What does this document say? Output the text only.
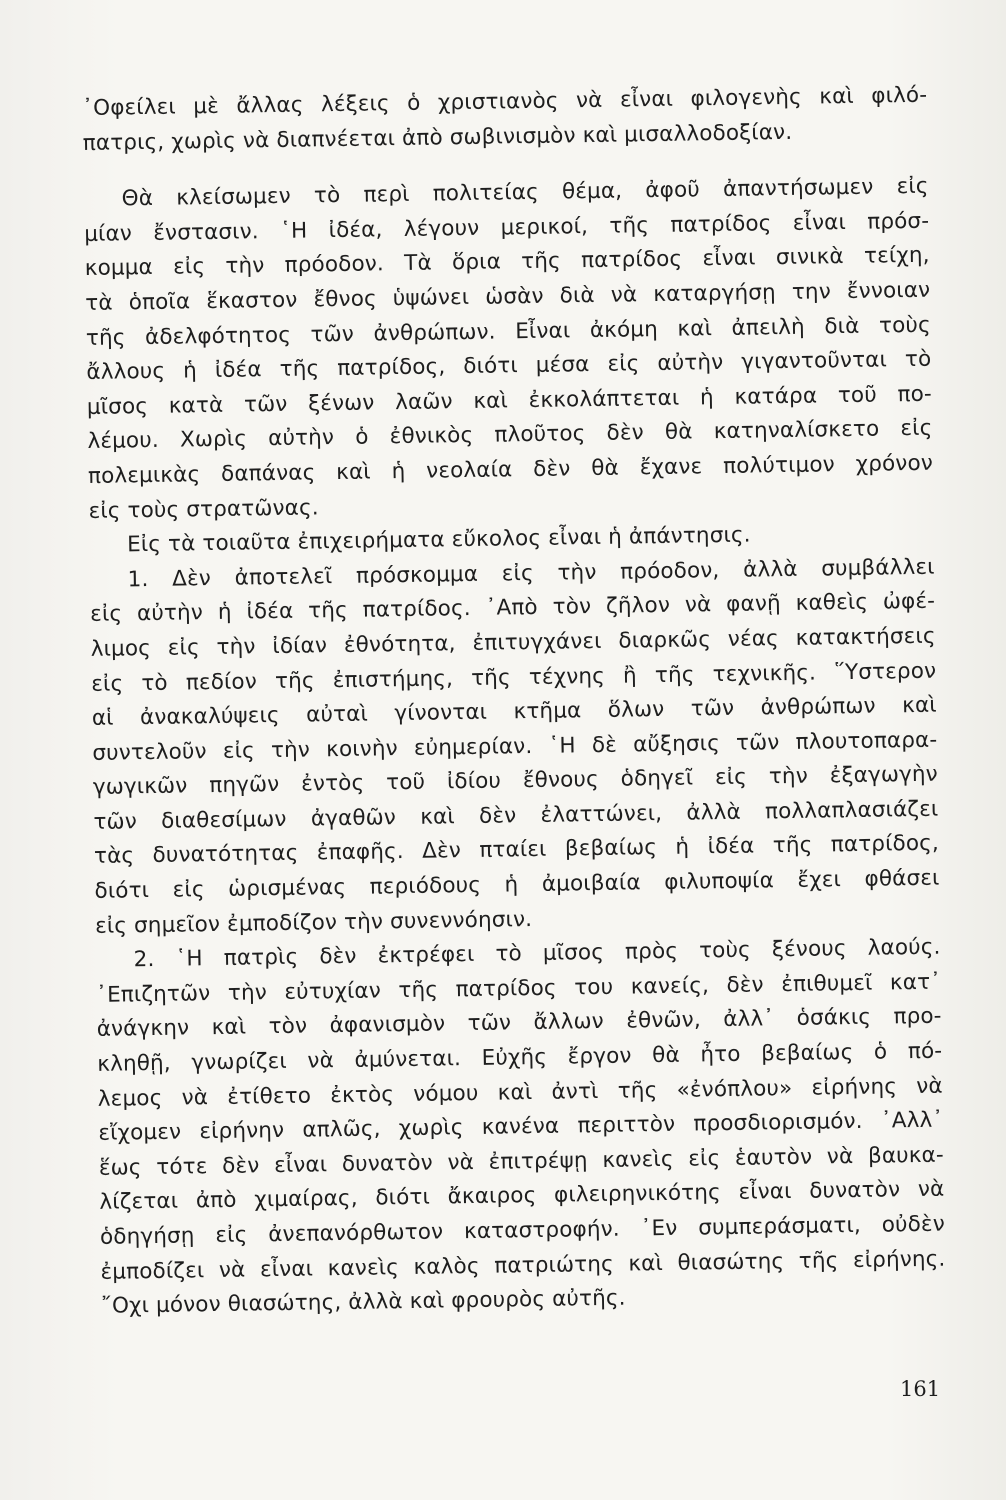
᾿Οφείλει μὲ ἄλλας λέξεις ὁ χριστιανὸς νὰ εἶναι φιλογενὴς καὶ φιλό-
πατρις, χωρὶς νὰ διαπνέεται ἀπὸ σωβινισμὸν καὶ μισαλλοδοξίαν.
Θὰ κλείσωμεν τὸ περὶ πολιτείας θέμα, ἀφοῦ ἀπαντήσωμεν εἰς
μίαν ἔνστασιν. ῾Η ἰδέα, λέγουν μερικοί, τῆς πατρίδος εἶναι πρόσ-
κομμα εἰς τὴν πρόοδον. Τὰ ὅρια τῆς πατρίδος εἶναι σινικὰ τείχη,
τὰ ὁποῖα ἕκαστον ἔθνος ὑψώνει ὡσὰν διὰ νὰ καταργήσῃ την ἔννοιαν
τῆς ἀδελφότητος τῶν ἀνθρώπων. Εἶναι ἀκόμη καὶ ἀπειλὴ διὰ τοὺς
ἄλλους ἡ ἰδέα τῆς πατρίδος, διότι μέσα εἰς αὐτὴν γιγαντοῦνται τὸ
μῖσος κατὰ τῶν ξένων λαῶν καὶ ἐκκολάπτεται ἡ κατάρα τοῦ πο-
λέμου. Χωρὶς αὐτὴν ὁ ἐθνικὸς πλοῦτος δὲν θὰ κατηναλίσκετο εἰς
πολεμικὰς δαπάνας καὶ ἡ νεολαία δὲν θὰ ἔχανε πολύτιμον χρόνον
εἰς τοὺς στρατῶνας.
Εἰς τὰ τοιαῦτα ἐπιχειρήματα εὔκολος εἶναι ἡ ἀπάντησις.
1. Δὲν ἀποτελεῖ πρόσκομμα εἰς τὴν πρόοδον, ἀλλὰ συμβάλλει
εἰς αὐτὴν ἡ ἰδέα τῆς πατρίδος. ᾿Απὸ τὸν ζῆλον νὰ φανῇ καθεὶς ὠφέ-
λιμος εἰς τὴν ἰδίαν ἐθνότητα, ἐπιτυγχάνει διαρκῶς νέας κατακτήσεις
εἰς τὸ πεδίον τῆς ἐπιστήμης, τῆς τέχνης ἢ τῆς τεχνικῆς. ῞Υστερον
αἱ ἀνακαλύψεις αὐταὶ γίνονται κτῆμα ὅλων τῶν ἀνθρώπων καὶ
συντελοῦν εἰς τὴν κοινὴν εὐημερίαν. ῾Η δὲ αὔξησις τῶν πλουτοπαρα-
γωγικῶν πηγῶν ἐντὸς τοῦ ἰδίου ἔθνους ὁδηγεῖ εἰς τὴν ἐξαγωγὴν
τῶν διαθεσίμων ἀγαθῶν καὶ δὲν ἐλαττώνει, ἀλλὰ πολλαπλασιάζει
τὰς δυνατότητας ἐπαφῆς. Δὲν πταίει βεβαίως ἡ ἰδέα τῆς πατρίδος,
διότι εἰς ὡρισμένας περιόδους ἡ ἀμοιβαία φιλυποψία ἔχει φθάσει
εἰς σημεῖον ἐμποδίζον τὴν συνεννόησιν.
2. ῾Η πατρὶς δὲν ἐκτρέφει τὸ μῖσος πρὸς τοὺς ξένους λαούς.
᾿Επιζητῶν τὴν εὐτυχίαν τῆς πατρίδος του κανείς, δὲν ἐπιθυμεῖ κατ᾿
ἀνάγκην καὶ τὸν ἀφανισμὸν τῶν ἄλλων ἐθνῶν, ἀλλ᾿ ὁσάκις προ-
κληθῇ, γνωρίζει νὰ ἀμύνεται. Εὐχῆς ἔργον θὰ ἦτο βεβαίως ὁ πό-
λεμος νὰ ἐτίθετο ἐκτὸς νόμου καὶ ἀντὶ τῆς «ἐνόπλου» εἰρήνης νὰ
εἴχομεν εἰρήνην απλῶς, χωρὶς κανένα περιττὸν προσδιορισμόν. ᾿Αλλ᾿
ἕως τότε δὲν εἶναι δυνατὸν νὰ ἐπιτρέψῃ κανεὶς εἰς ἑαυτὸν νὰ βαυκα-
λίζεται ἀπὸ χιμαίρας, διότι ἄκαιρος φιλειρηνικότης εἶναι δυνατὸν νὰ
ὁδηγήσῃ εἰς ἀνεπανόρθωτον καταστροφήν. ᾿Εν συμπεράσματι, οὐδὲν
ἐμποδίζει νὰ εἶναι κανεὶς καλὸς πατριώτης καὶ θιασώτης τῆς εἰρήνης.
῎Οχι μόνον θιασώτης, ἀλλὰ καὶ φρουρὸς αὐτῆς.
161
